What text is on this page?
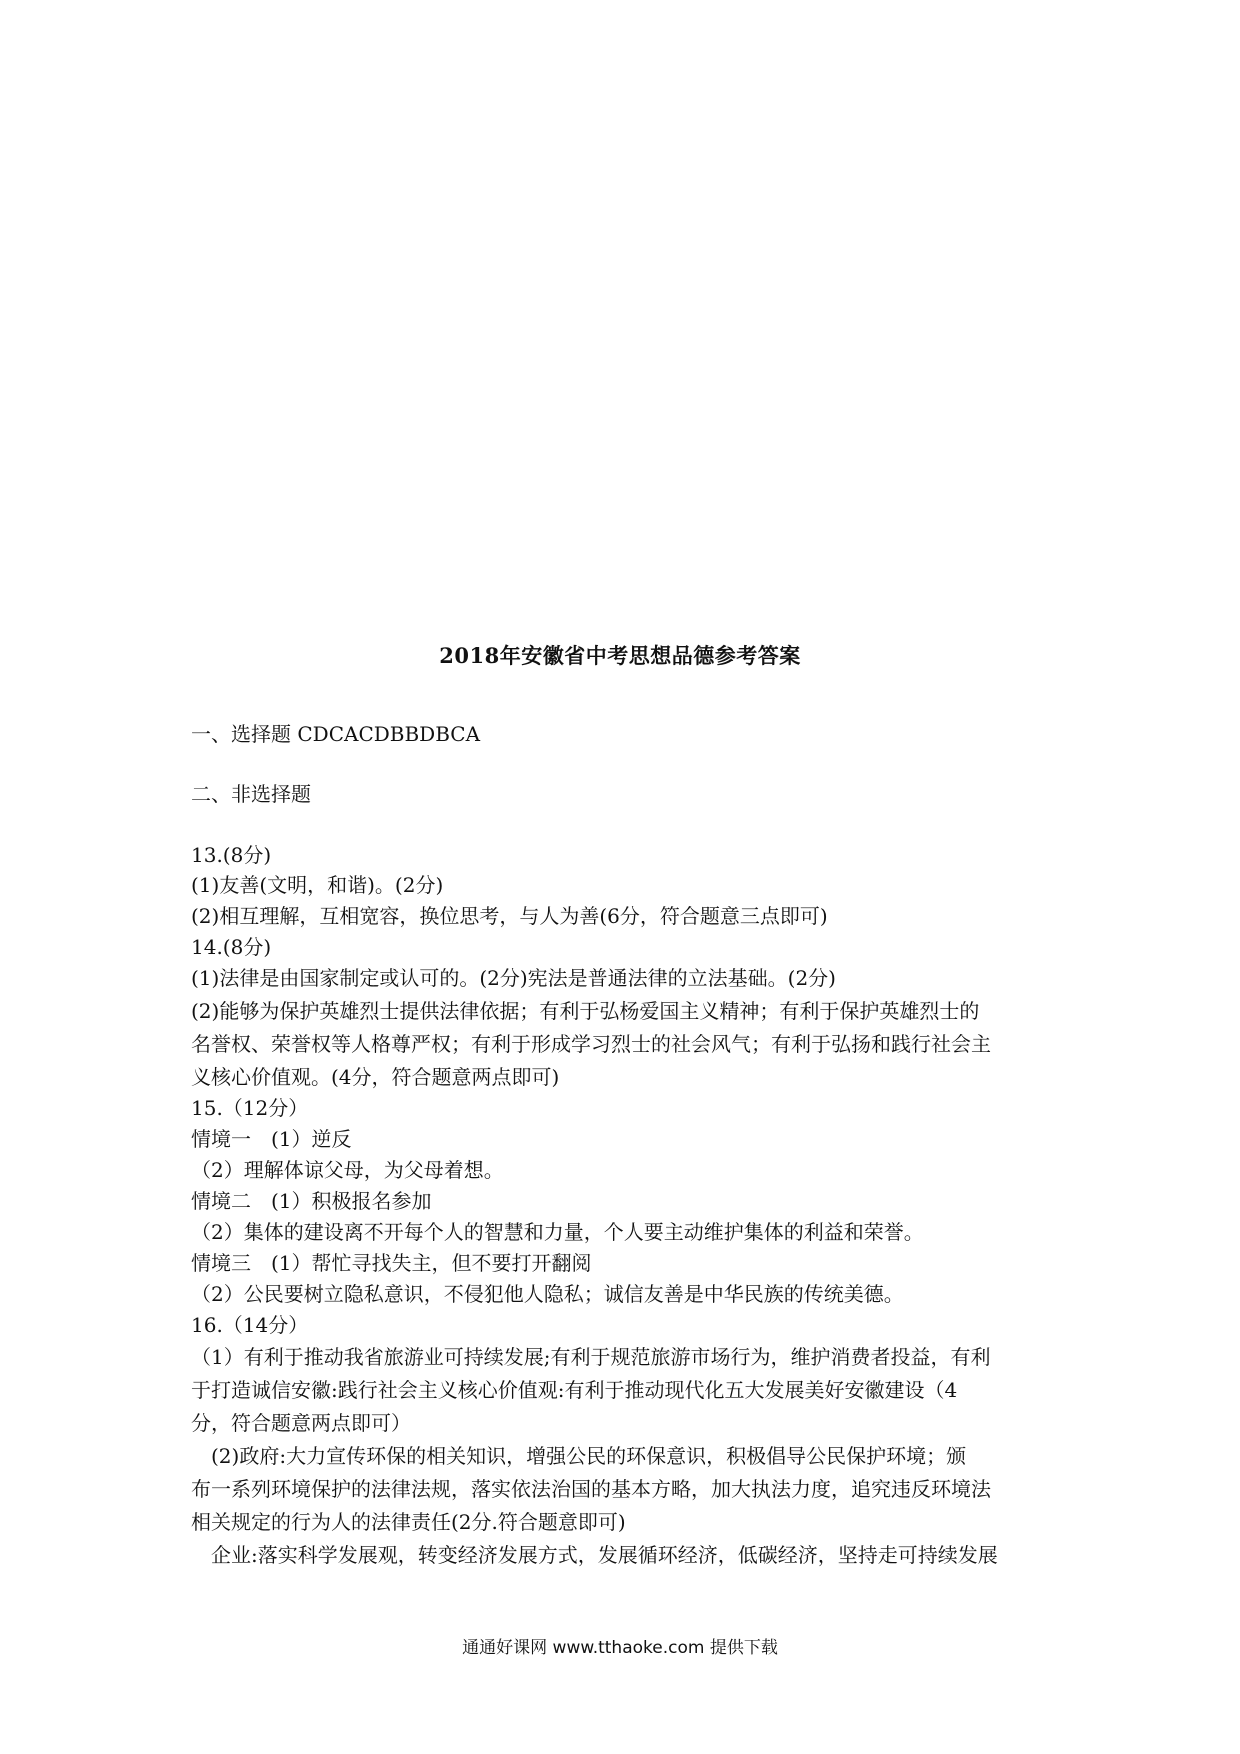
2018年安徽省中考思想品德参考答案
一、选择题 CDCACDBBDBCA
二、非选择题
13.(8分)
(1)友善(文明，和谐)。(2分)
(2)相互理解，互相宽容，换位思考，与人为善(6分，符合题意三点即可)
14.(8分)
(1)法律是由国家制定或认可的。(2分)宪法是普通法律的立法基础。(2分)
(2)能够为保护英雄烈士提供法律依据；有利于弘杨爱国主义精神；有利于保护英雄烈士的
名誉权、荣誉权等人格尊严权；有利于形成学习烈士的社会风气；有利于弘扬和践行社会主
义核心价值观。(4分，符合题意两点即可)
15.（12分）
情境一　(1）逆反
（2）理解体谅父母，为父母着想。
情境二　(1）积极报名参加
（2）集体的建设离不开每个人的智慧和力量，个人要主动维护集体的利益和荣誉。
情境三　(1）帮忙寻找失主，但不要打开翻阅
（2）公民要树立隐私意识，不侵犯他人隐私；诚信友善是中华民族的传统美德。
16.（14分）
（1）有利于推动我省旅游业可持续发展;有利于规范旅游市场行为，维护消费者投益，有利
于打造诚信安徽:践行社会主义核心价值观:有利于推动现代化五大发展美好安徽建设（4
分，符合题意两点即可）
　(2)政府:大力宣传环保的相关知识，增强公民的环保意识，积极倡导公民保护环境；颁
布一系列环境保护的法律法规，落实依法治国的基本方略，加大执法力度，追究违反环境法
相关规定的行为人的法律责任(2分.符合题意即可)
　企业:落实科学发展观，转变经济发展方式，发展循环经济，低碳经济，坚持走可持续发展
通通好课网 www.tthaoke.com 提供下载
